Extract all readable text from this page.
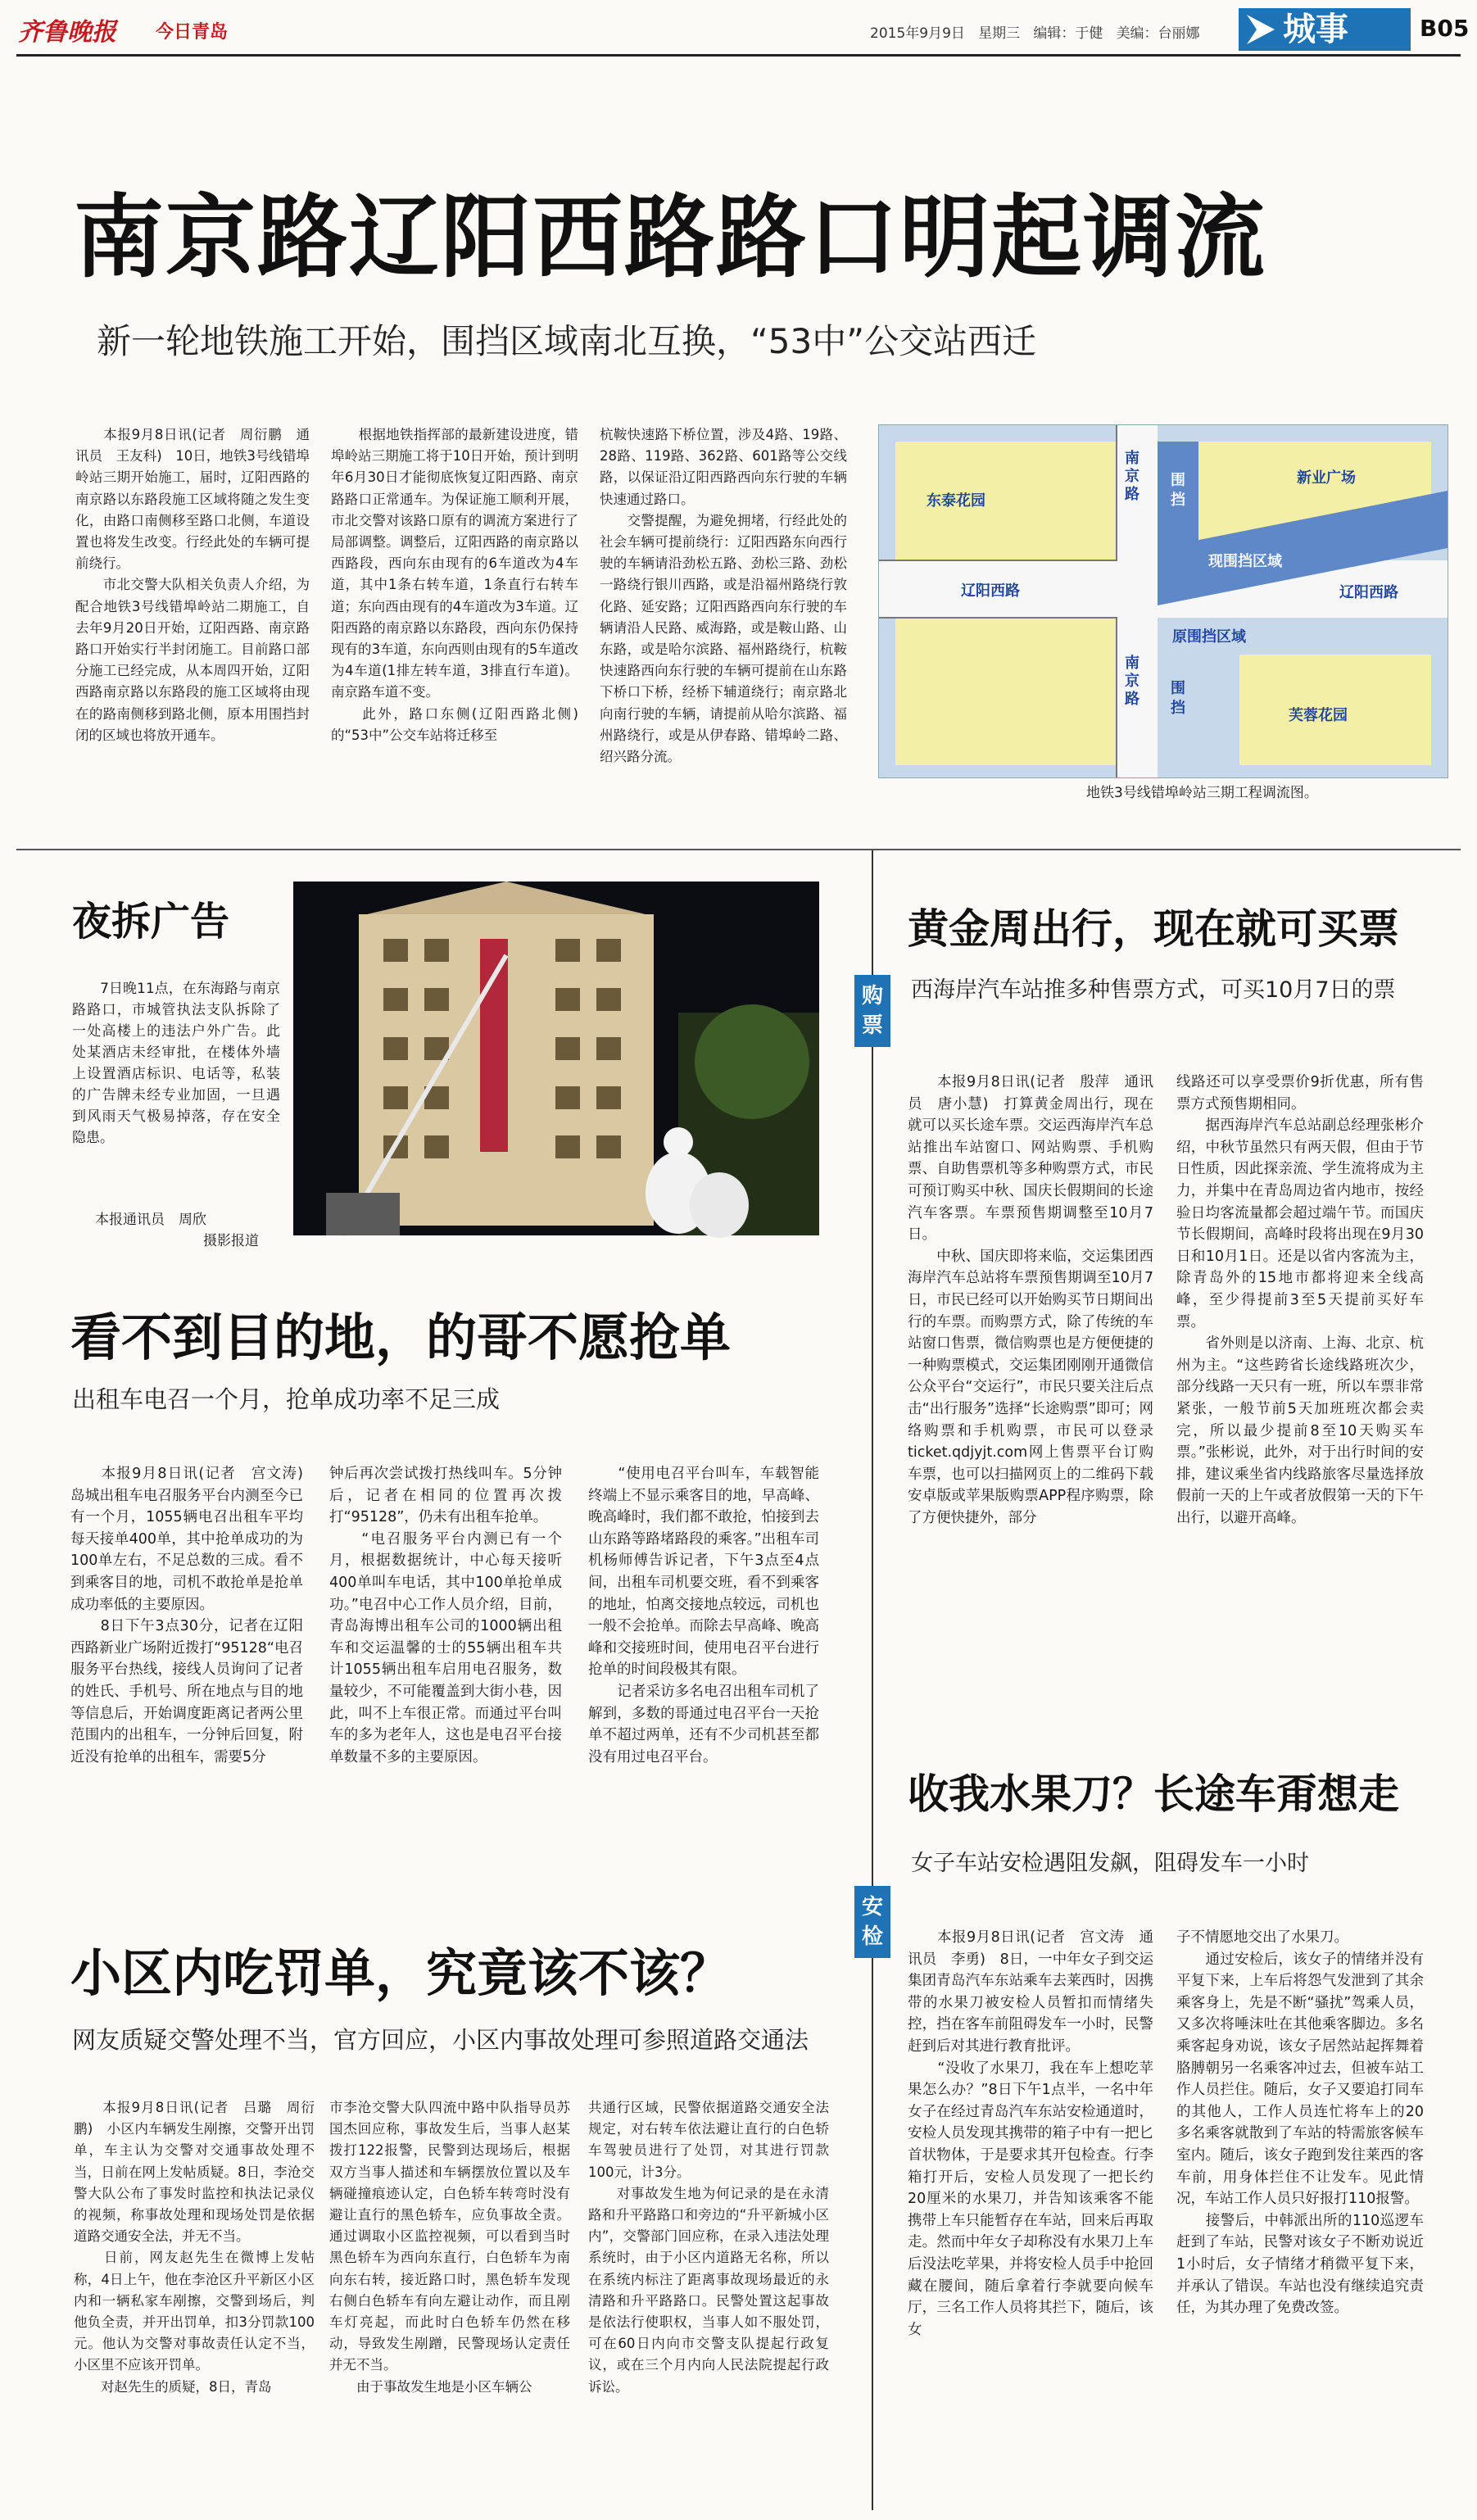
齐鲁晚报 今日青岛	2015年9月9日 星期三 编辑：于健 美编：台丽娜	城事	B05
南京路辽阳西路路口明起调流
新一轮地铁施工开始，围挡区域南北互换，“53中”公交站西迁
　　本报9月8日讯(记者　周衍鹏　通讯员　王友科)　10日，地铁3号线错埠岭站三期开始施工，届时，辽阳西路的南京路以东路段施工区域将随之发生变化，由路口南侧移至路口北侧，车道设置也将发生改变。行经此处的车辆可提前绕行。
　　市北交警大队相关负责人介绍，为配合地铁3号线错埠岭站二期施工，自去年9月20日开始，辽阳西路、南京路路口开始实行半封闭施工。目前路口部分施工已经完成，从本周四开始，辽阳西路南京路以东路段的施工区域将由现在的路南侧移到路北侧，原本用围挡封闭的区域也将放开通车。
　　根据地铁指挥部的最新建设进度，错埠岭站三期施工将于10日开始，预计到明年6月30日才能彻底恢复辽阳西路、南京路路口正常通车。为保证施工顺利开展，市北交警对该路口原有的调流方案进行了局部调整。调整后，辽阳西路的南京路以西路段，西向东由现有的6车道改为4车道，其中1条右转车道，1条直行右转车道；东向西由现有的4车道改为3车道。辽阳西路的南京路以东路段，西向东仍保持现有的3车道，东向西则由现有的5车道改为4车道(1排左转车道，3排直行车道)。南京路车道不变。
　　此外，路口东侧(辽阳西路北侧)的“53中”公交车站将迁移至
杭鞍快速路下桥位置，涉及4路、19路、28路、119路、362路、601路等公交线路，以保证沿辽阳西路西向东行驶的车辆快速通过路口。
　　交警提醒，为避免拥堵，行经此处的社会车辆可提前绕行：辽阳西路东向西行驶的车辆请沿劲松五路、劲松三路、劲松一路绕行银川西路，或是沿福州路绕行敦化路、延安路；辽阳西路西向东行驶的车辆请沿人民路、威海路，或是鞍山路、山东路，或是哈尔滨路、福州路绕行，杭鞍快速路西向东行驶的车辆可提前在山东路下桥口下桥，经桥下辅道绕行；南京路北向南行驶的车辆，请提前从哈尔滨路、福州路绕行，或是从伊春路、错埠岭二路、绍兴路分流。
东泰花园
南京路
围挡
新业广场
现围挡区域
辽阳西路
辽阳西路
原围挡区域
南京路
围挡	芙蓉花园
地铁3号线错埠岭站三期工程调流图。
夜拆广告
　　7日晚11点，在东海路与南京路路口，市城管执法支队拆除了一处高楼上的违法户外广告。此处某酒店未经审批，在楼体外墙上设置酒店标识、电话等，私装的广告牌未经专业加固，一旦遇到风雨天气极易掉落，存在安全隐患。
本报通讯员　周欣
摄影报道
看不到目的地，的哥不愿抢单
出租车电召一个月，抢单成功率不足三成
　　本报9月8日讯(记者　宫文涛)　岛城出租车电召服务平台内测至今已有一个月，1055辆电召出租车平均每天接单400单，其中抢单成功的为100单左右，不足总数的三成。看不到乘客目的地，司机不敢抢单是抢单成功率低的主要原因。
　　8日下午3点30分，记者在辽阳西路新业广场附近拨打“95128“电召服务平台热线，接线人员询问了记者的姓氏、手机号、所在地点与目的地等信息后，开始调度距离记者两公里范围内的出租车，一分钟后回复，附近没有抢单的出租车，需要5分
钟后再次尝试拨打热线叫车。5分钟后，记者在相同的位置再次拨打“95128”，仍未有出租车抢单。
　　“电召服务平台内测已有一个月，根据数据统计，中心每天接听400单叫车电话，其中100单抢单成功。”电召中心工作人员介绍，目前，青岛海博出租车公司的1000辆出租车和交运温馨的士的55辆出租车共计1055辆出租车启用电召服务，数量较少，不可能覆盖到大街小巷，因此，叫不上车很正常。而通过平台叫车的多为老年人，这也是电召平台接单数量不多的主要原因。
　　“使用电召平台叫车，车载智能终端上不显示乘客目的地，早高峰、晚高峰时，我们都不敢抢，怕接到去山东路等路堵路段的乘客。”出租车司机杨师傅告诉记者，下午3点至4点间，出租车司机要交班，看不到乘客的地址，怕离交接地点较远，司机也一般不会抢单。而除去早高峰、晚高峰和交接班时间，使用电召平台进行抢单的时间段极其有限。
　　记者采访多名电召出租车司机了解到，多数的哥通过电召平台一天抢单不超过两单，还有不少司机甚至都没有用过电召平台。
小区内吃罚单，究竟该不该？
网友质疑交警处理不当，官方回应，小区内事故处理可参照道路交通法
　　本报9月8日讯(记者　吕璐　周衍鹏)　小区内车辆发生剐擦，交警开出罚单，车主认为交警对交通事故处理不当，日前在网上发帖质疑。8日，李沧交警大队公布了事发时监控和执法记录仪的视频，称事故处理和现场处罚是依据道路交通安全法，并无不当。
　　日前，网友赵先生在微博上发帖称，4日上午，他在李沧区升平新区小区内和一辆私家车剐擦，交警到场后，判他负全责，并开出罚单，扣3分罚款100元。他认为交警对事故责任认定不当，小区里不应该开罚单。
　　对赵先生的质疑，8日，青岛
市李沧交警大队四流中路中队指导员苏国杰回应称，事故发生后，当事人赵某拨打122报警，民警到达现场后，根据双方当事人描述和车辆摆放位置以及车辆碰撞痕迹认定，白色轿车转弯时没有避让直行的黑色轿车，应负事故全责。通过调取小区监控视频，可以看到当时黑色轿车为西向东直行，白色轿车为南向东右转，接近路口时，黑色轿车发现右侧白色轿车有向左避让动作，而且剐车灯亮起，而此时白色轿车仍然在移动，导致发生剐蹭，民警现场认定责任并无不当。
　　由于事故发生地是小区车辆公
共通行区域，民警依据道路交通安全法规定，对右转车依法避让直行的白色轿车驾驶员进行了处罚，对其进行罚款100元，计3分。
　　对事故发生地为何记录的是在永清路和升平路路口和旁边的“升平新城小区内”，交警部门回应称，在录入违法处理系统时，由于小区内道路无名称，所以在系统内标注了距离事故现场最近的永清路和升平路路口。民警处置这起事故是依法行使职权，当事人如不服处罚，可在60日内向市交警支队提起行政复议，或在三个月内向人民法院提起行政诉讼。
购票
黄金周出行，现在就可买票
西海岸汽车站推多种售票方式，可买10月7日的票
　　本报9月8日讯(记者　殷萍　通讯员　唐小慧)　打算黄金周出行，现在就可以买长途车票。交运西海岸汽车总站推出车站窗口、网站购票、手机购票、自助售票机等多种购票方式，市民可预订购买中秋、国庆长假期间的长途汽车客票。车票预售期调整至10月7日。
　　中秋、国庆即将来临，交运集团西海岸汽车总站将车票预售期调至10月7日，市民已经可以开始购买节日期间出行的车票。而购票方式，除了传统的车站窗口售票，微信购票也是方便便捷的一种购票模式，交运集团刚刚开通微信公众平台“交运行”，市民只要关注后点击“出行服务”选择“长途购票”即可；网络购票和手机购票，市民可以登录ticket.qdjyjt.com网上售票平台订购车票，也可以扫描网页上的二维码下载安卓版或苹果版购票APP程序购票，除了方便快捷外，部分
线路还可以享受票价9折优惠，所有售票方式预售期相同。
　　据西海岸汽车总站副总经理张彬介绍，中秋节虽然只有两天假，但由于节日性质，因此探亲流、学生流将成为主力，并集中在青岛周边省内地市，按经验日均客流量都会超过端午节。而国庆节长假期间，高峰时段将出现在9月30日和10月1日。还是以省内客流为主，除青岛外的15地市都将迎来全线高峰，至少得提前3至5天提前买好车票。
　　省外则是以济南、上海、北京、杭州为主。“这些跨省长途线路班次少，部分线路一天只有一班，所以车票非常紧张，一般节前5天加班班次都会卖完，所以最少提前8至10天购买车票。”张彬说，此外，对于出行时间的安排，建议乘坐省内线路旅客尽量选择放假前一天的上午或者放假第一天的下午出行，以避开高峰。
安检
收我水果刀？长途车甭想走
女子车站安检遇阻发飙，阻碍发车一小时
　　本报9月8日讯(记者　宫文涛　通讯员　李勇)　8日，一中年女子到交运集团青岛汽车东站乘车去莱西时，因携带的水果刀被安检人员暂扣而情绪失控，挡在客车前阻碍发车一小时，民警赶到后对其进行教育批评。
　　“没收了水果刀，我在车上想吃苹果怎么办？”8日下午1点半，一名中年女子在经过青岛汽车东站安检通道时，安检人员发现其携带的箱子中有一把匕首状物体，于是要求其开包检查。行李箱打开后，安检人员发现了一把长约20厘米的水果刀，并告知该乘客不能携带上车只能暂存在车站，回来后再取走。然而中年女子却称没有水果刀上车后没法吃苹果，并将安检人员手中抢回藏在腰间，随后拿着行李就要向候车厅，三名工作人员将其拦下，随后，该女
子不情愿地交出了水果刀。
　　通过安检后，该女子的情绪并没有平复下来，上车后将怨气发泄到了其余乘客身上，先是不断“骚扰”驾乘人员，又多次将唾沫吐在其他乘客脚边。多名乘客起身劝说，该女子居然站起挥舞着胳膊朝另一名乘客冲过去，但被车站工作人员拦住。随后，女子又要追打同车的其他人，工作人员连忙将车上的20多名乘客就散到了车站的特需旅客候车室内。随后，该女子跑到发往莱西的客车前，用身体拦住不让发车。见此情况，车站工作人员只好报打110报警。
　　接警后，中韩派出所的110巡逻车赶到了车站，民警对该女子不断劝说近1小时后，女子情绪才稍微平复下来，并承认了错误。车站也没有继续追究责任，为其办理了免费改签。
